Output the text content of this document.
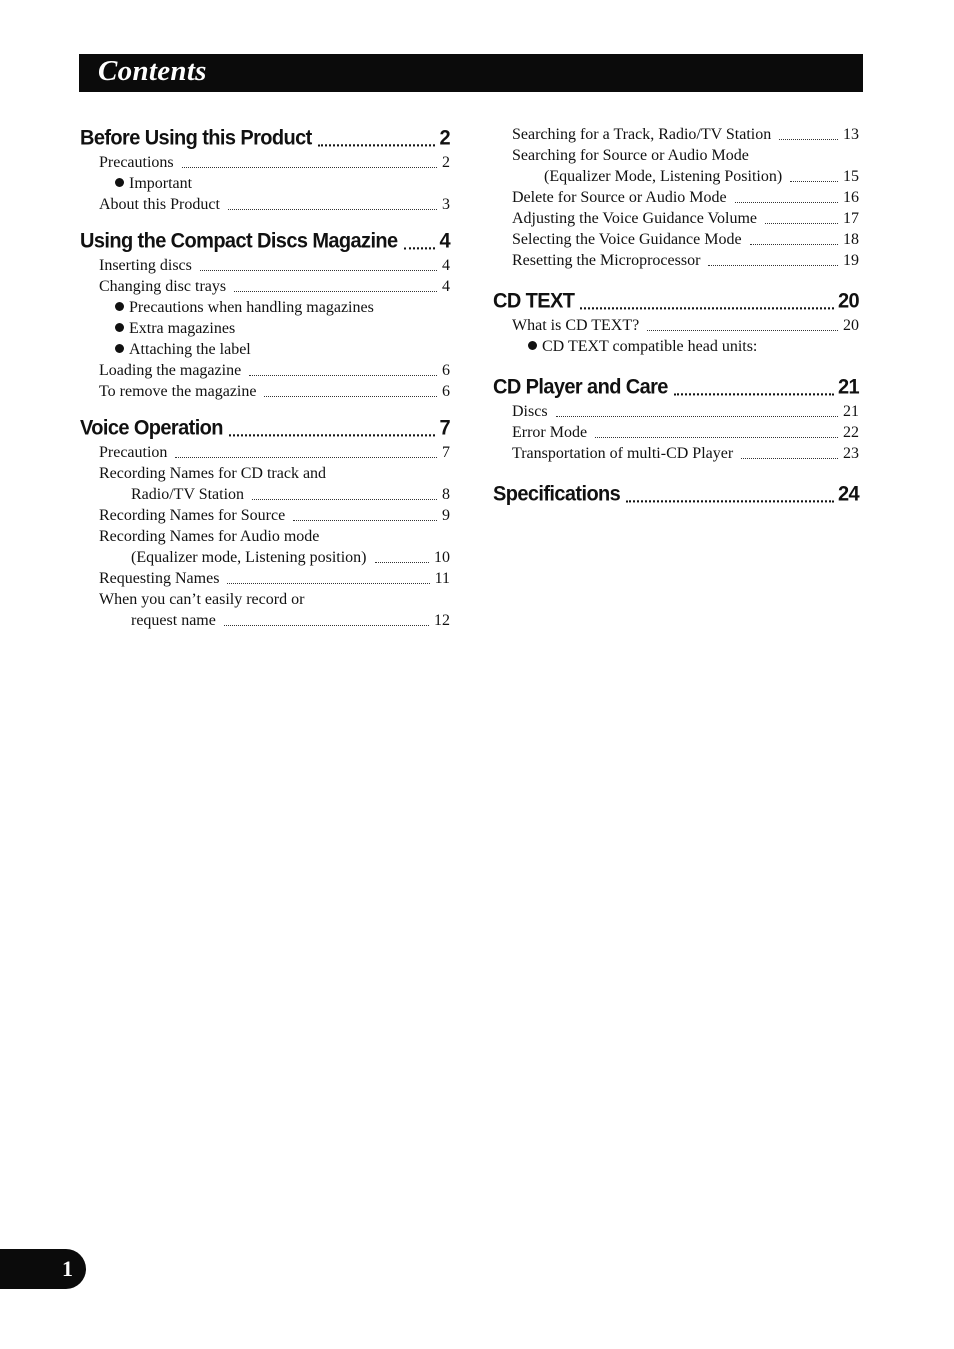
Contents
Before Using this Product	2
Precautions	2
Important
About this Product	3
Using the Compact Discs Magazine 4
Inserting discs	4
Changing disc trays	4
Precautions when handling magazines
Extra magazines
Attaching the label
Loading the magazine	6
To remove the magazine	6
Voice Operation	7
Precaution	7
Recording Names for CD track and
Radio/TV Station	8
Recording Names for Source	9
Recording Names for Audio mode
(Equalizer mode, Listening position)	10
Requesting Names	11
When you can’t easily record or
request name	12
Searching for a Track, Radio/TV Station	13
Searching for Source or Audio Mode
(Equalizer Mode, Listening Position)	15
Delete for Source or Audio Mode	16
Adjusting the Voice Guidance Volume	17
Selecting the Voice Guidance Mode	18
Resetting the Microprocessor	19
CD TEXT	20
What is CD TEXT?	20
CD TEXT compatible head units:
CD Player and Care	21
Discs	21
Error Mode	22
Transportation of multi-CD Player	23
Specifications	24
1
